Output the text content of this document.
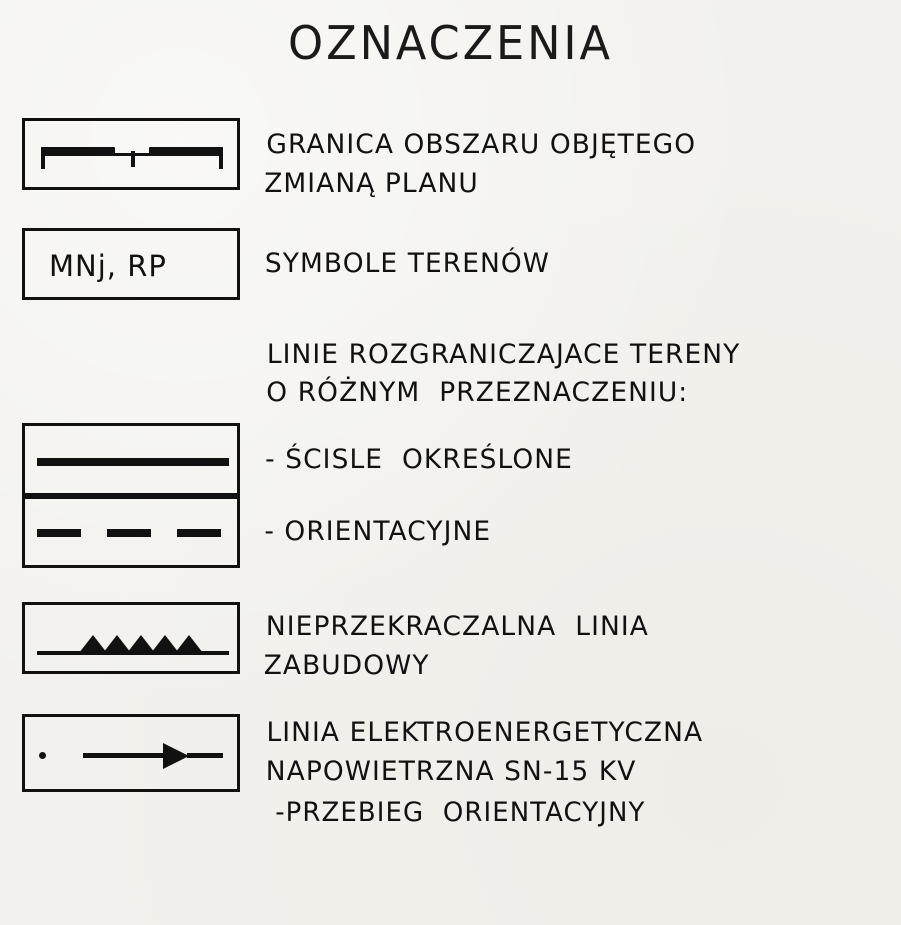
OZNACZENIA
GRANICA OBSZARU OBJĘTEGO
ZMIANĄ PLANU
MNj, RP	SYMBOLE TERENÓW
LINIE ROZGRANICZAJACE TERENY
O RÓŻNYM  PRZEZNACZENIU:
- ŚCISLE  OKREŚLONE
- ORIENTACYJNE
NIEPRZEKRACZALNA  LINIA
ZABUDOWY
LINIA ELEKTROENERGETYCZNA
NAPOWIETRZNA SN-15 KV
-PRZEBIEG  ORIENTACYJNY
